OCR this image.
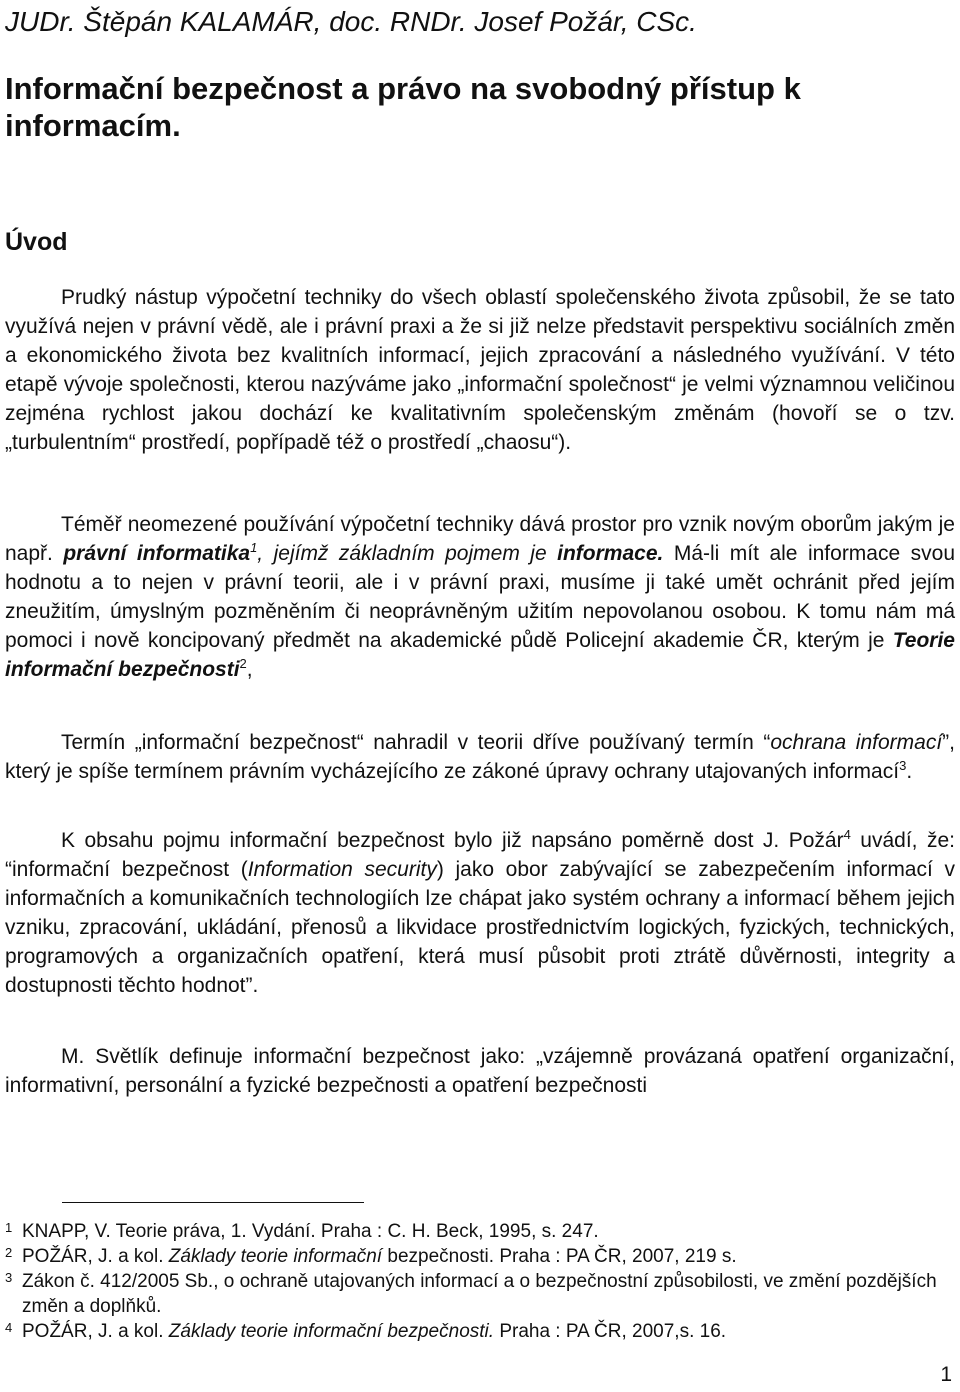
JUDr. Štěpán KALAMÁR, doc. RNDr. Josef Požár, CSc.
Informační bezpečnost a právo na svobodný přístup k informacím.
Úvod
Prudký nástup výpočetní techniky do všech oblastí společenského života způsobil, že se tato využívá nejen v právní vědě, ale i právní praxi a že si již nelze představit perspektivu sociálních změn a ekonomického života bez kvalitních informací, jejich zpracování a následného využívání. V této etapě vývoje společnosti, kterou nazýváme jako „informační společnost“ je velmi významnou veličinou zejména rychlost jakou dochází ke kvalitativním společenským změnám (hovoří se o tzv. „turbulentním“ prostředí, popřípadě též o prostředí „chaosu“).
Téměř neomezené používání výpočetní techniky dává prostor pro vznik novým oborům jakým je např. právní informatika$^1$, jejímž základním pojmem je informace. Má-li mít ale informace svou hodnotu a to nejen v právní teorii, ale i v právní praxi, musíme ji také umět ochránit před jejím zneužitím, úmyslným pozměněním či neoprávněným užitím nepovolanou osobou. K tomu nám má pomoci i nově koncipovaný předmět na akademické půdě Policejní akademie ČR, kterým je Teorie informační bezpečnosti$^2$,
Termín „informační bezpečnost“ nahradil v teorii dříve používaný termín “ochrana informací”, který je spíše termínem právním vycházejícího ze zákoné úpravy ochrany utajovaných informací$^3$.
K obsahu pojmu informační bezpečnost bylo již napsáno poměrně dost J. Požár$^4$ uvádí, že: “informační bezpečnost (Information security) jako obor zabývající se zabezpečením informací v informačních a komunikačních technologiích lze chápat jako systém ochrany a informací během jejich vzniku, zpracování, ukládání, přenosů a likvidace prostřednictvím logických, fyzických, technických, programových a organizačních opatření, která musí působit proti ztrátě důvěrnosti, integrity a dostupnosti těchto hodnot”.
M. Světlík definuje informační bezpečnost jako: „vzájemně provázaná opatření organizační, informativní, personální a fyzické bezpečnosti a opatření bezpečnosti
1 KNAPP, V. Teorie práva, 1. Vydání. Praha : C. H. Beck, 1995, s. 247.
2 POŽÁR, J. a kol. Základy teorie informační bezpečnosti. Praha : PA ČR, 2007, 219 s.
3 Zákon č. 412/2005 Sb., o ochraně utajovaných informací a o bezpečnostní způsobilosti, ve změní pozdějších změn a doplňků.
4 POŽÁR, J. a kol. Základy teorie informační bezpečnosti. Praha : PA ČR, 2007,s. 16.
1
